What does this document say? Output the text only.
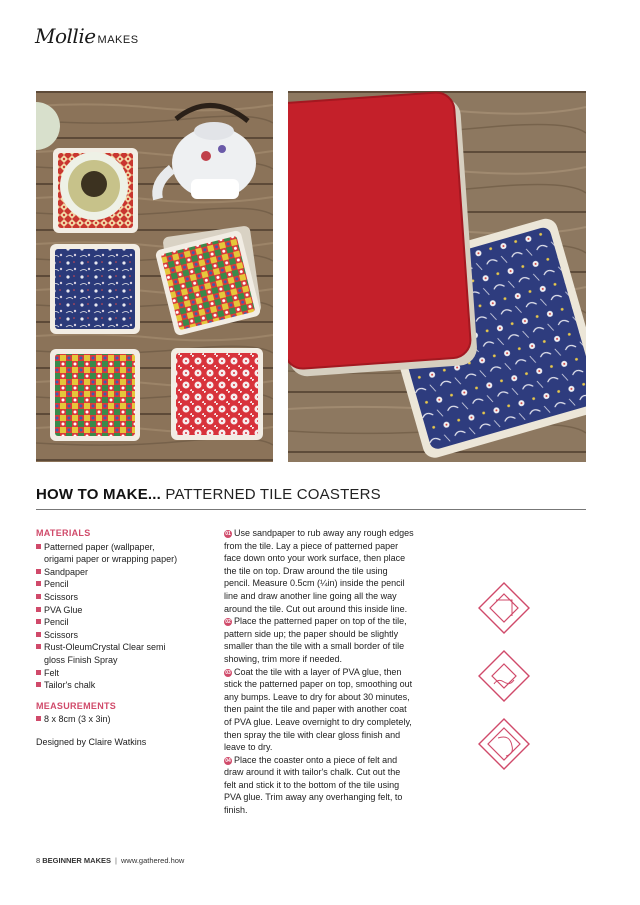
Mollie MAKES
HOW TO MAKE... PATTERNED TILE COASTERS
MATERIALS
Patterned paper (wallpaper, origami paper or wrapping paper)
Sandpaper
Pencil
Scissors
PVA Glue
Pencil
Scissors
Rust-OleumCrystal Clear semi gloss Finish Spray
Felt
Tailor's chalk
MEASUREMENTS
8 x 8cm (3 x 3in)
Designed by Claire Watkins
01 Use sandpaper to rub away any rough edges from the tile. Lay a piece of patterned paper face down onto your work surface, then place the tile on top. Draw around the tile using pencil. Measure 0.5cm (¼in) inside the pencil line and draw another line going all the way around the tile. Cut out around this inside line.
02 Place the patterned paper on top of the tile, pattern side up; the paper should be slightly smaller than the tile with a small border of tile showing, trim more if needed.
03 Coat the tile with a layer of PVA glue, then stick the patterned paper on top, smoothing out any bumps. Leave to dry for about 30 minutes, then paint the tile and paper with another coat of PVA glue. Leave overnight to dry completely, then spray the tile with clear gloss finish and leave to dry.
04 Place the coaster onto a piece of felt and draw around it with tailor's chalk. Cut out the felt and stick it to the bottom of the tile using PVA glue. Trim away any overhanging felt, to finish.
8 BEGINNER MAKES | www.gathered.how
